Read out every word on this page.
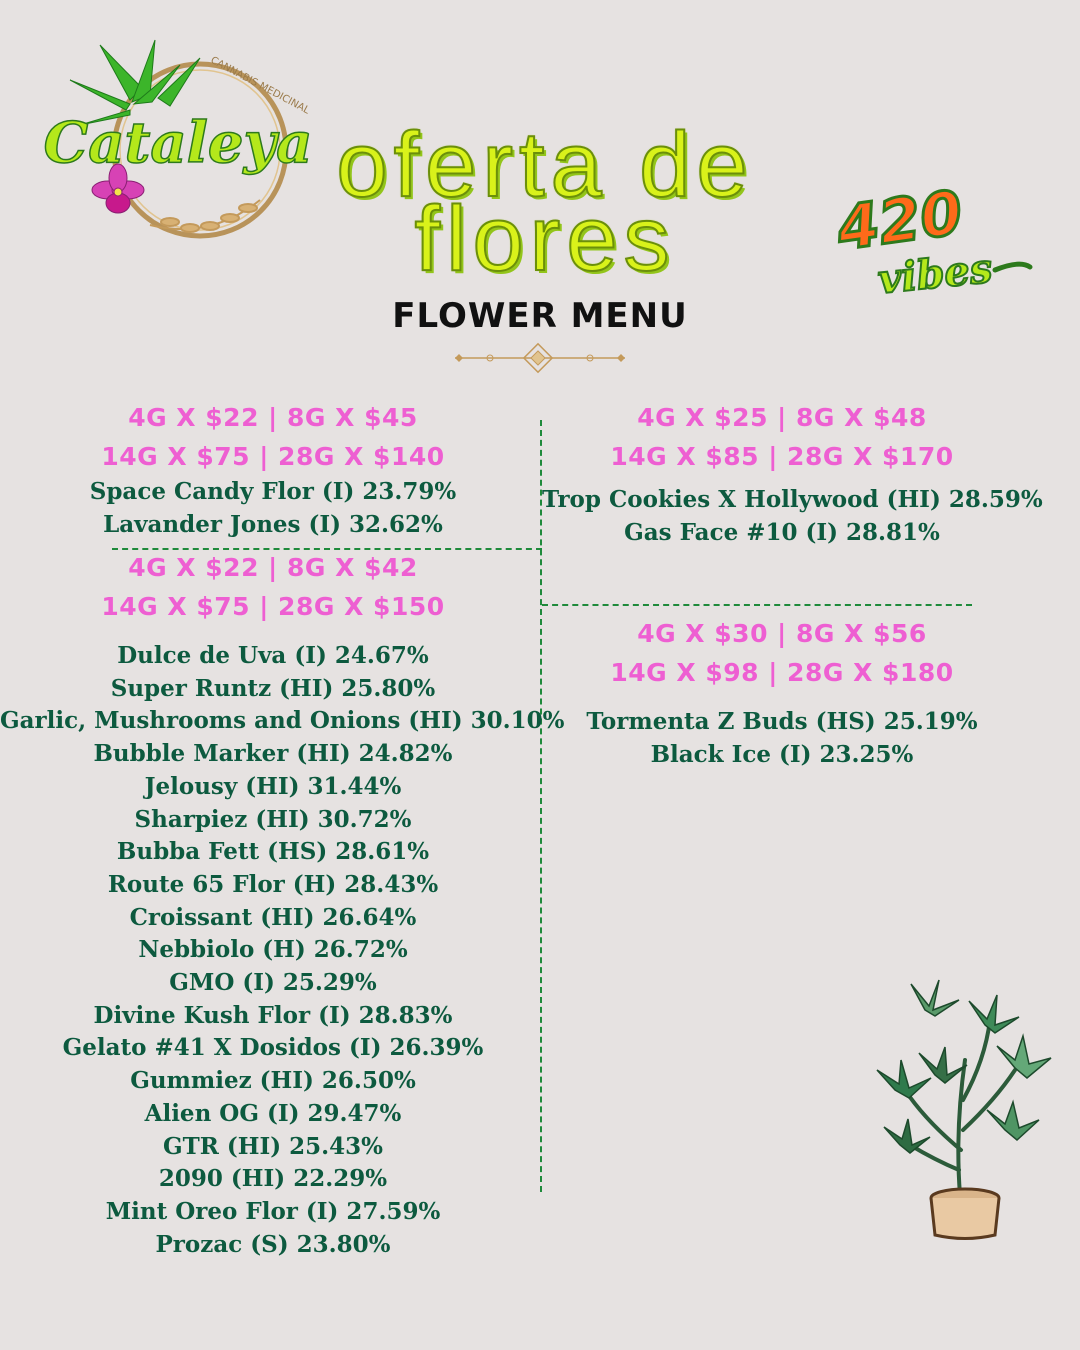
Cataleya
CANNABIS MEDICINAL
oferta de
flores	420
vibes
FLOWER MENU
4G X $22 | 8G X $45
14G X $75 | 28G X $140
Space Candy Flor (I) 23.79%
Lavander Jones (I) 32.62%
4G X $22 | 8G X $42
14G X $75 | 28G X $150
Dulce de Uva (I) 24.67%
Super Runtz (HI) 25.80%
Garlic, Mushrooms and Onions (HI) 30.10%
Bubble Marker (HI) 24.82%
Jelousy (HI) 31.44%
Sharpiez (HI) 30.72%
Bubba Fett (HS) 28.61%
Route 65 Flor (H) 28.43%
Croissant (HI) 26.64%
Nebbiolo (H) 26.72%
GMO (I) 25.29%
Divine Kush Flor (I) 28.83%
Gelato #41 X Dosidos (I) 26.39%
Gummiez (HI) 26.50%
Alien OG (I) 29.47%
GTR (HI) 25.43%
2090 (HI) 22.29%
Mint Oreo Flor (I) 27.59%
Prozac (S) 23.80%
4G X $25 | 8G X $48
14G X $85 | 28G X $170
Trop Cookies X Hollywood (HI) 28.59%
Gas Face #10 (I) 28.81%
4G X $30 | 8G X $56
14G X $98 | 28G X $180
Tormenta Z Buds (HS) 25.19%
Black Ice (I) 23.25%
